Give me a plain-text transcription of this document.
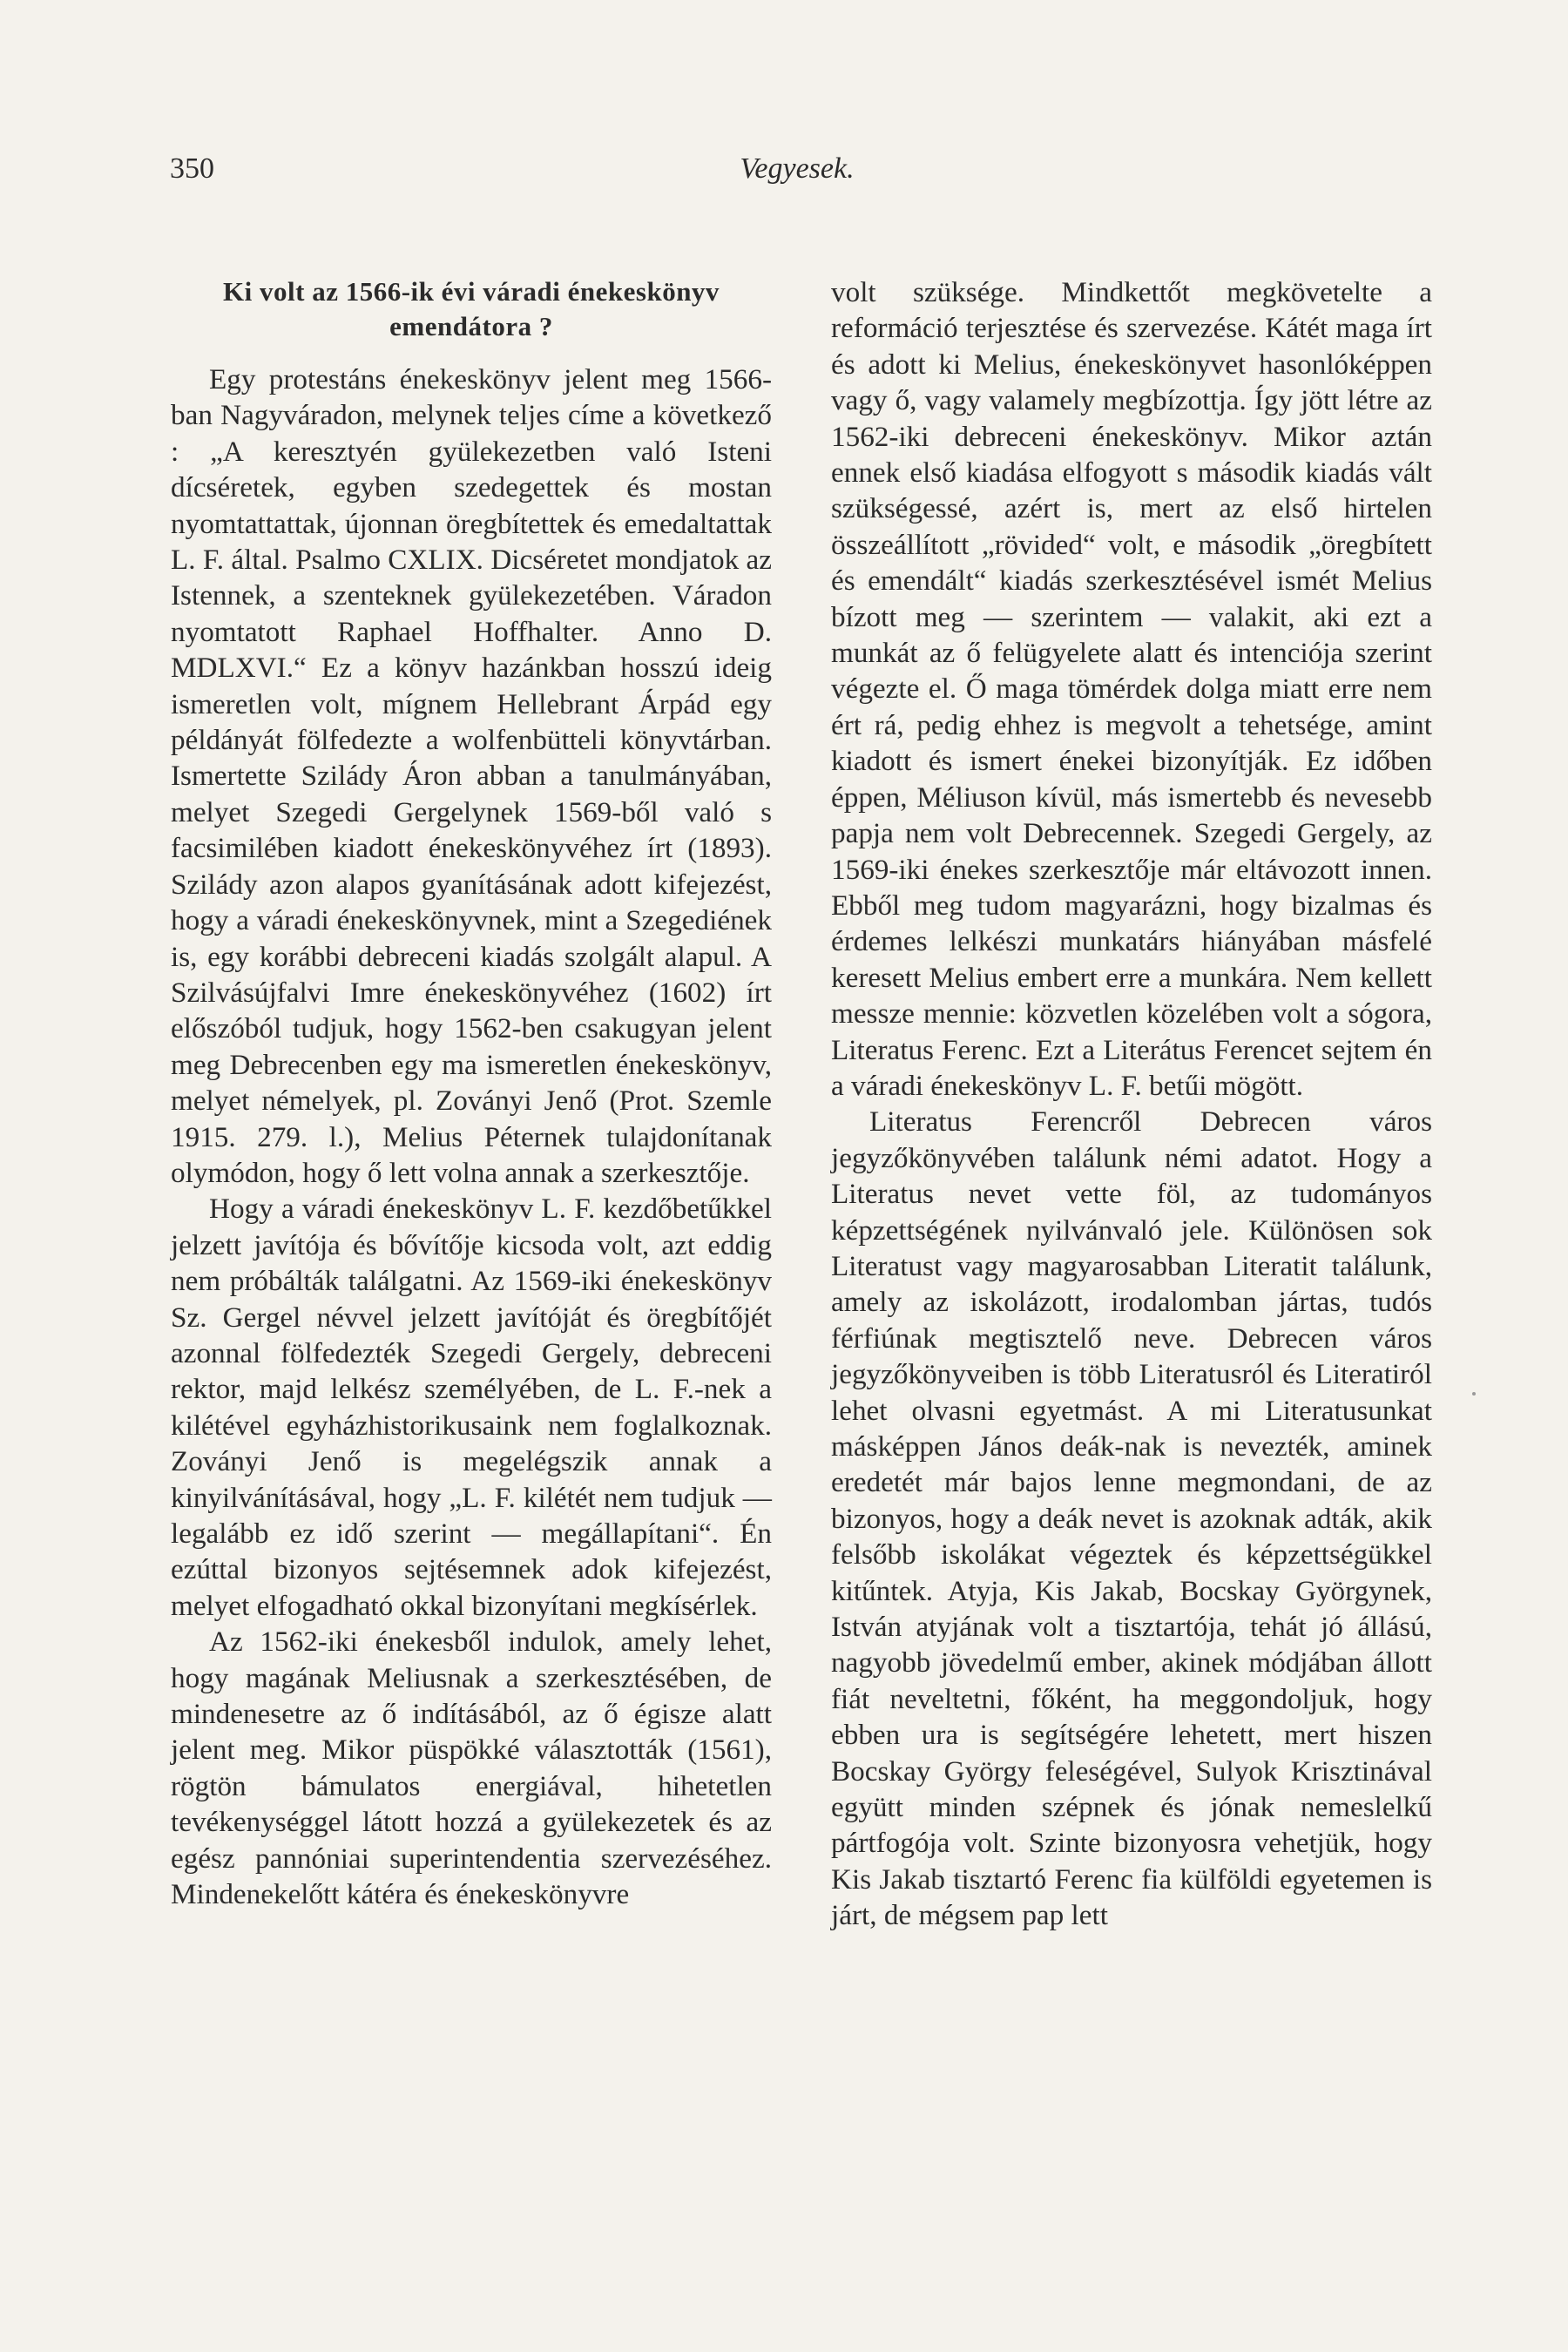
350	Vegyesek.
Ki volt az 1566-ik évi váradi énekeskönyv emendátora ?

Egy protestáns énekeskönyv jelent meg 1566-ban Nagyváradon, melynek teljes címe a következő : „A keresztyén gyülekezetben való Isteni dícséretek, egyben szedegettek és mostan nyomtattattak, újonnan öregbítettek és emedaltattak L. F. által. Psalmo CXLIX. Dicséretet mondjatok az Istennek, a szenteknek gyülekezetében. Váradon nyomtatott Raphael Hoffhalter. Anno D. MDLXVI.“ Ez a könyv hazánkban hosszú ideig ismeretlen volt, mígnem Hellebrant Árpád egy példányát fölfedezte a wolfenbütteli könyvtárban. Ismertette Szilády Áron abban a tanulmányában, melyet Szegedi Gergelynek 1569-ből való s facsimilében kiadott énekeskönyvéhez írt (1893). Szilády azon alapos gyanításának adott kifejezést, hogy a váradi énekeskönyvnek, mint a Szegediének is, egy korábbi debreceni kiadás szolgált alapul. A Szilvásújfalvi Imre énekeskönyvéhez (1602) írt előszóból tudjuk, hogy 1562-ben csakugyan jelent meg Debrecenben egy ma ismeretlen énekeskönyv, melyet némelyek, pl. Zoványi Jenő (Prot. Szemle 1915. 279. l.), Melius Péternek tulajdonítanak olymódon, hogy ő lett volna annak a szerkesztője.

Hogy a váradi énekeskönyv L. F. kezdőbetűkkel jelzett javítója és bővítője kicsoda volt, azt eddig nem próbálták találgatni. Az 1569-iki énekeskönyv Sz. Gergel névvel jelzett javítóját és öregbítőjét azonnal fölfedezték Szegedi Gergely, debreceni rektor, majd lelkész személyében, de L. F.-nek a kilétével egyházhistorikusaink nem foglalkoznak. Zoványi Jenő is megelégszik annak a kinyilvánításával, hogy „L. F. kilétét nem tudjuk — legalább ez idő szerint — megállapítani“. Én ezúttal bizonyos sejtésemnek adok kifejezést, melyet elfogadható okkal bizonyítani megkísérlek.

Az 1562-iki énekesből indulok, amely lehet, hogy magának Meliusnak a szerkesztésében, de mindenesetre az ő indításából, az ő égisze alatt jelent meg. Mikor püspökké választották (1561), rögtön bámulatos energiával, hihetetlen tevékenységgel látott hozzá a gyülekezetek és az egész pannóniai superintendentia szervezéséhez. Mindenekelőtt kátéra és énekeskönyvre

volt szüksége. Mindkettőt megkövetelte a reformáció terjesztése és szervezése. Kátét maga írt és adott ki Melius, énekeskönyvet hasonlóképpen vagy ő, vagy valamely megbízottja. Így jött létre az 1562-iki debreceni énekeskönyv. Mikor aztán ennek első kiadása elfogyott s második kiadás vált szükségessé, azért is, mert az első hirtelen összeállított „rövided“ volt, e második „öregbített és emendált“ kiadás szerkesztésével ismét Melius bízott meg — szerintem — valakit, aki ezt a munkát az ő felügyelete alatt és intenciója szerint végezte el. Ő maga tömérdek dolga miatt erre nem ért rá, pedig ehhez is megvolt a tehetsége, amint kiadott és ismert énekei bizonyítják. Ez időben éppen, Méliuson kívül, más ismertebb és nevesebb papja nem volt Debrecennek. Szegedi Gergely, az 1569-iki énekes szerkesztője már eltávozott innen. Ebből meg tudom magyarázni, hogy bizalmas és érdemes lelkészi munkatárs hiányában másfelé keresett Melius embert erre a munkára. Nem kellett messze mennie: közvetlen közelében volt a sógora, Literatus Ferenc. Ezt a Literátus Ferencet sejtem én a váradi énekeskönyv L. F. betűi mögött.

Literatus Ferencről Debrecen város jegyzőkönyvében találunk némi adatot. Hogy a Literatus nevet vette föl, az tudományos képzettségének nyilvánvaló jele. Különösen sok Literatust vagy magyarosabban Literatit találunk, amely az iskolázott, irodalomban jártas, tudós férfiúnak megtisztelő neve. Debrecen város jegyzőkönyveiben is több Literatusról és Literatiról lehet olvasni egyetmást. A mi Literatusunkat másképpen János deák-nak is nevezték, aminek eredetét már bajos lenne megmondani, de az bizonyos, hogy a deák nevet is azoknak adták, akik felsőbb iskolákat végeztek és képzettségükkel kitűntek. Atyja, Kis Jakab, Bocskay Györgynek, István atyjának volt a tisztartója, tehát jó állású, nagyobb jövedelmű ember, akinek módjában állott fiát neveltetni, főként, ha meggondoljuk, hogy ebben ura is segítségére lehetett, mert hiszen Bocskay György feleségével, Sulyok Krisztinával együtt minden szépnek és jónak nemeslelkű pártfogója volt. Szinte bizonyosra vehetjük, hogy Kis Jakab tisztartó Ferenc fia külföldi egyetemen is járt, de mégsem pap lett
